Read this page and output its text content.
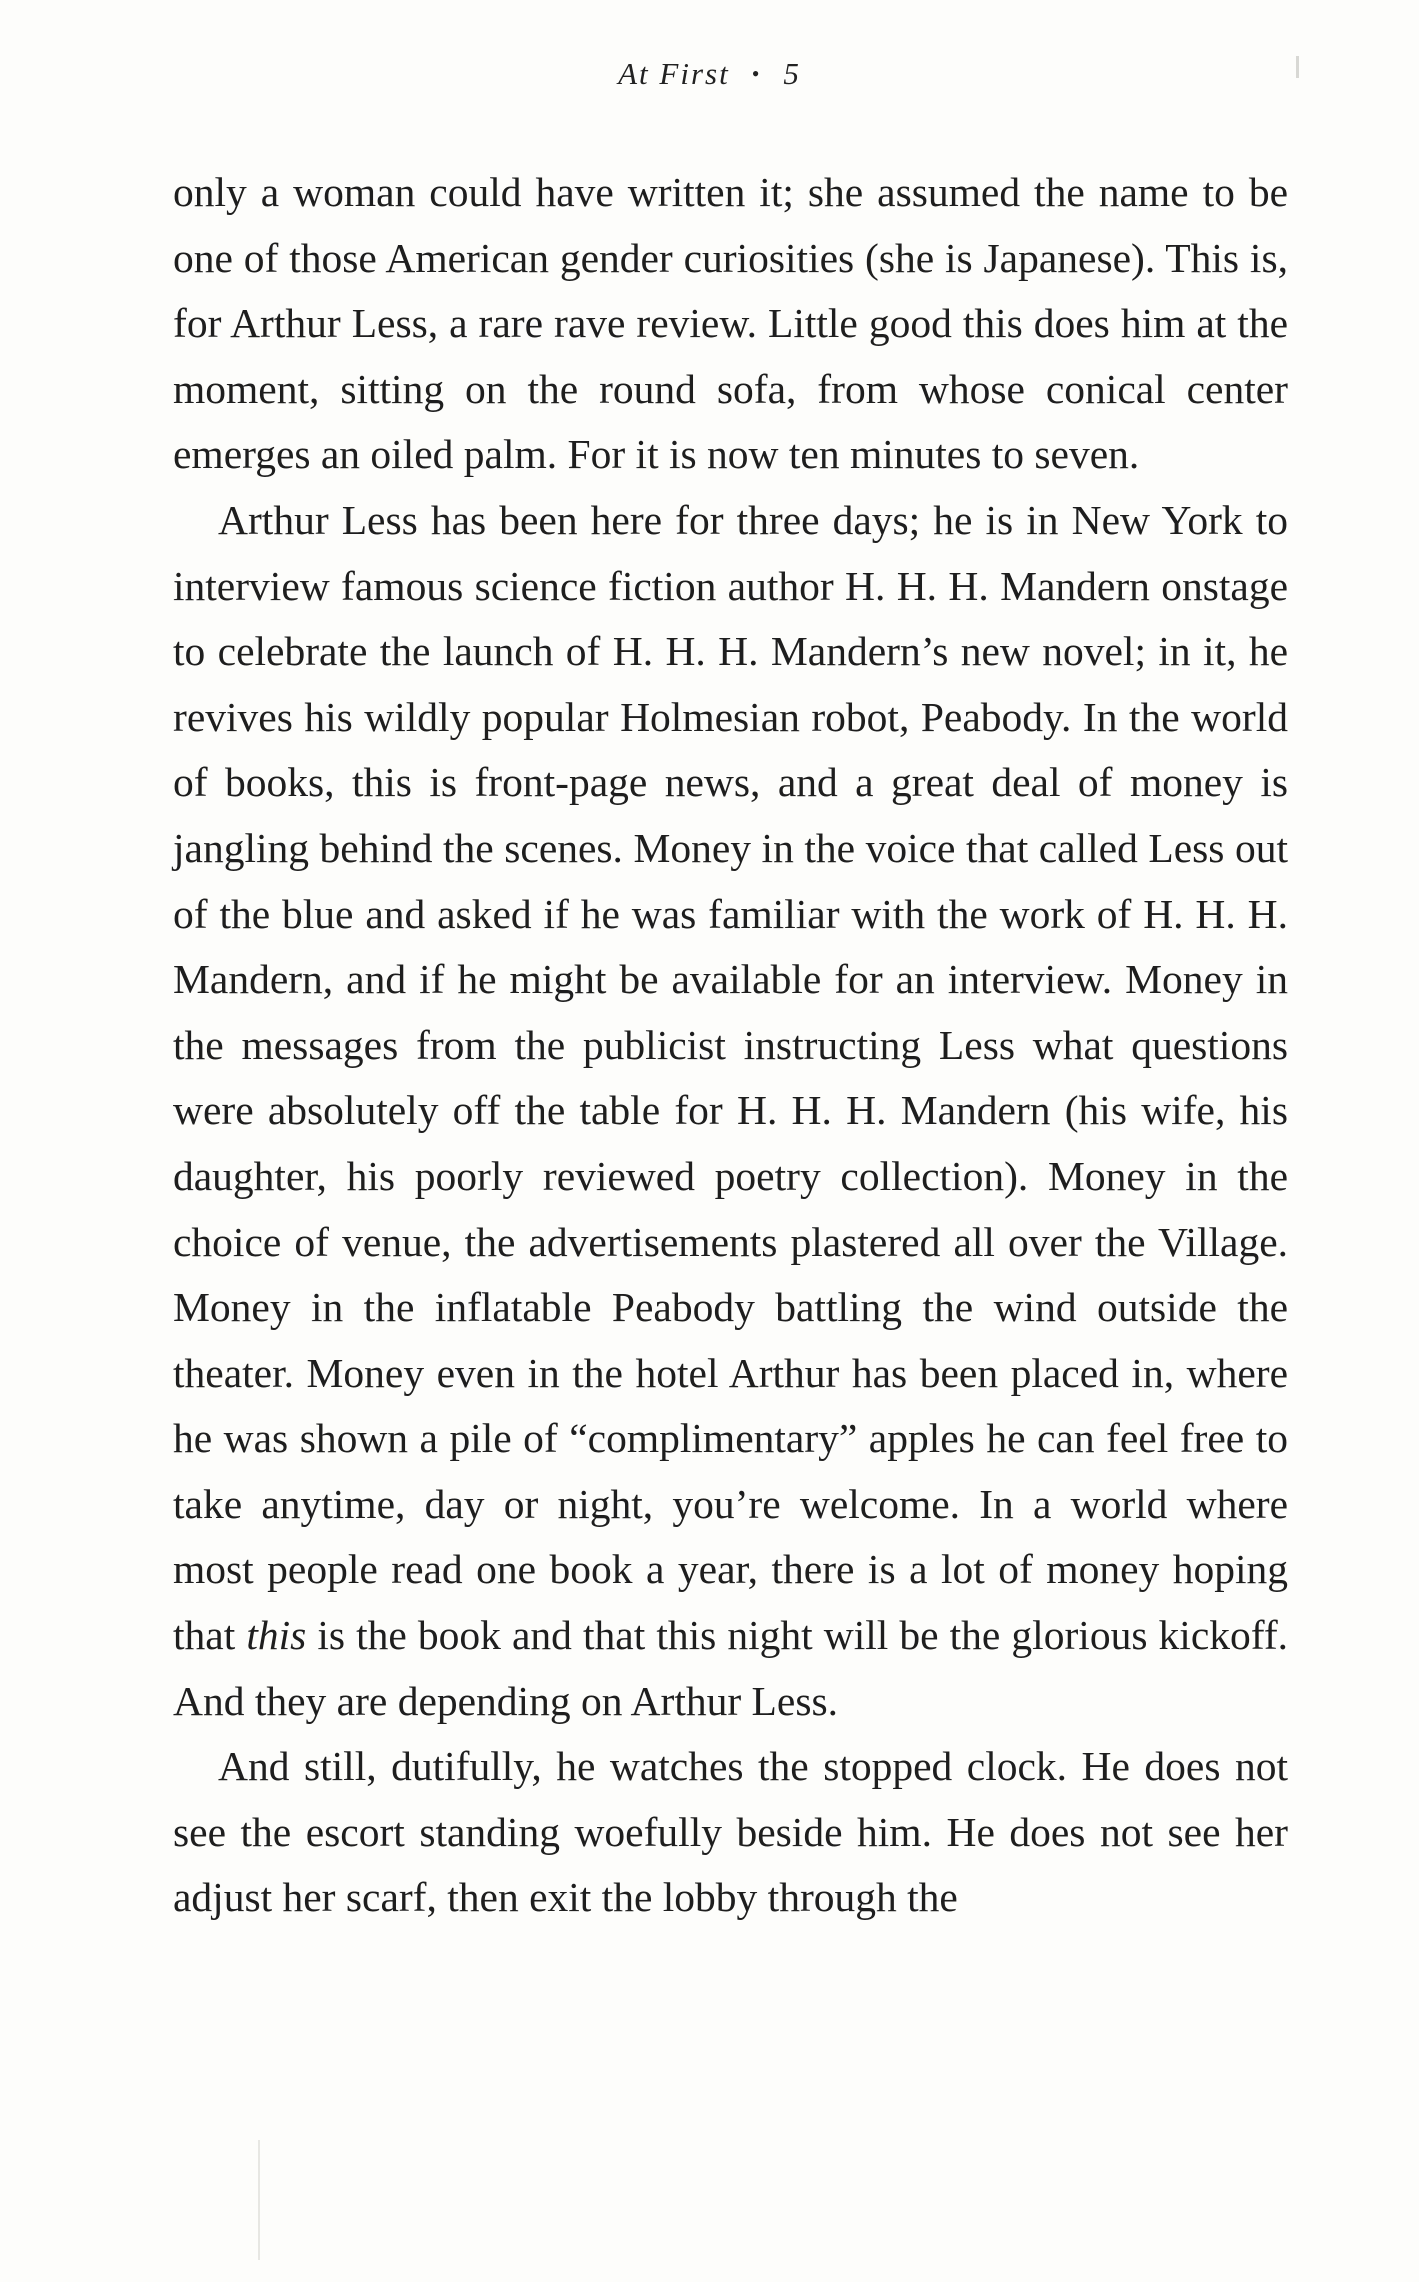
At First • 5

only a woman could have written it; she assumed the name to be one of those American gender curiosities (she is Japanese). This is, for Arthur Less, a rare rave review. Little good this does him at the moment, sitting on the round sofa, from whose conical center emerges an oiled palm. For it is now ten minutes to seven.

Arthur Less has been here for three days; he is in New York to interview famous science fiction author H. H. H. Mandern onstage to celebrate the launch of H. H. H. Mandern’s new novel; in it, he revives his wildly popular Holmesian robot, Peabody. In the world of books, this is front-page news, and a great deal of money is jangling behind the scenes. Money in the voice that called Less out of the blue and asked if he was familiar with the work of H. H. H. Mandern, and if he might be available for an interview. Money in the messages from the publicist instructing Less what questions were absolutely off the table for H. H. H. Mandern (his wife, his daughter, his poorly reviewed poetry collection). Money in the choice of venue, the advertisements plastered all over the Village. Money in the inflatable Peabody battling the wind outside the theater. Money even in the hotel Arthur has been placed in, where he was shown a pile of “complimentary” apples he can feel free to take anytime, day or night, you’re welcome. In a world where most people read one book a year, there is a lot of money hoping that this is the book and that this night will be the glorious kickoff. And they are depending on Arthur Less.

And still, dutifully, he watches the stopped clock. He does not see the escort standing woefully beside him. He does not see her adjust her scarf, then exit the lobby through the
